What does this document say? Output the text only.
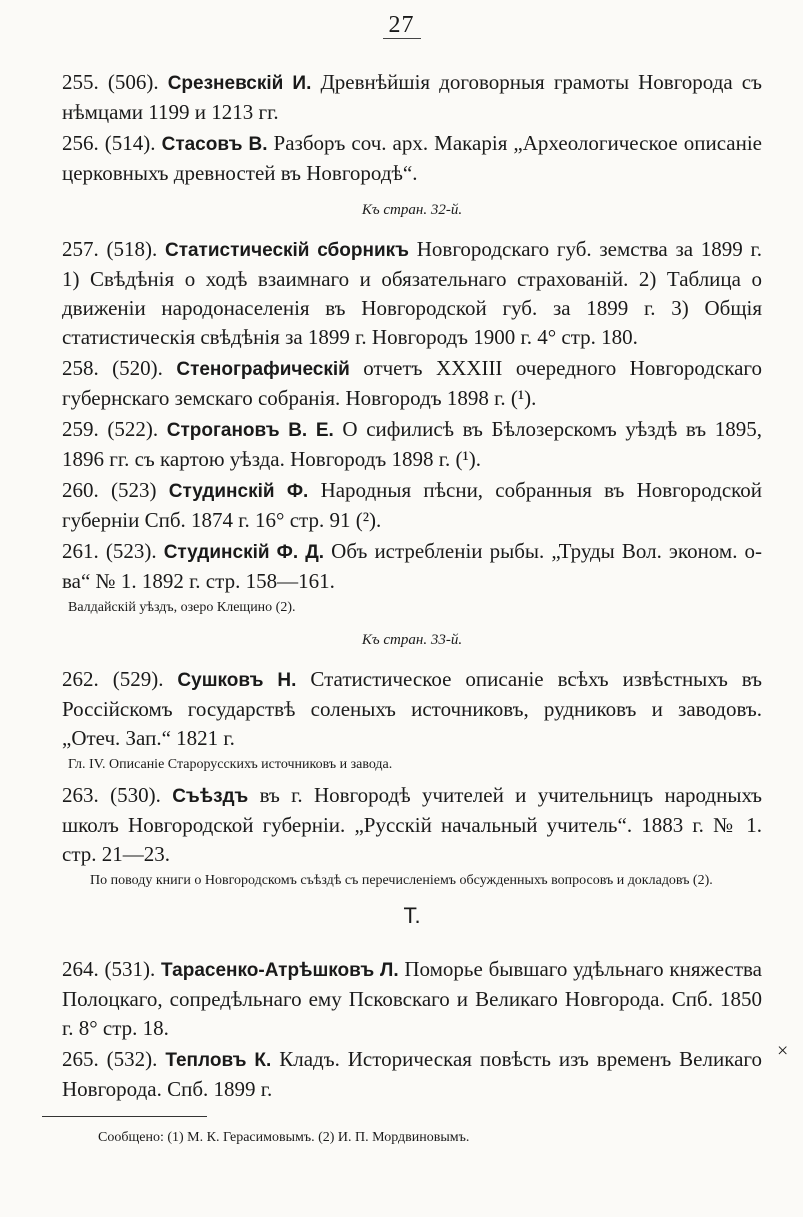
27

255. (506). Срезневскiй И. Древнѣйшiя договорныя грамоты Новгорода съ нѣмцами 1199 и 1213 гг.

256. (514). Стасовъ В. Разборъ соч. арх. Макарiя „Археологическое описанiе церковныхъ древностей въ Новгородѣ“.

Къ стран. 32-й.

257. (518). Статистическiй сборникъ Новгородскаго губ. земства за 1899 г. 1) Свѣдѣнiя о ходѣ взаимнаго и обязательнаго страхованiй. 2) Таблица о движенiи народонаселенiя въ Новгородской губ. за 1899 г. 3) Общiя статистическiя свѣдѣнiя за 1899 г. Новгородъ 1900 г. 4° стр. 180.

258. (520). Стенографическiй отчетъ XXXIII очередного Новгородскаго губернскаго земскаго собранiя. Новгородъ 1898 г. (¹).

259. (522). Строгановъ В. Е. О сифилисѣ въ Бѣлозерскомъ уѣздѣ въ 1895, 1896 гг. съ картою уѣзда. Новгородъ 1898 г. (¹).

260. (523) Студинскiй Ф. Народныя пѣсни, собранныя въ Новгородской губернiи Спб. 1874 г. 16° стр. 91 (²).

261. (523). Студинскiй Ф. Д. Объ истребленiи рыбы. „Труды Вол. эконом. о-ва“ № 1. 1892 г. стр. 158—161.

Валдайскiй уѣздъ, озеро Клещино (2).
Къ стран. 33-й.

262. (529). Сушковъ Н. Статистическое описанiе всѣхъ извѣстныхъ въ Россiйскомъ государствѣ соленыхъ источниковъ, рудниковъ и заводовъ. „Отеч. Зап.“ 1821 г.

Гл. IV. Описанiе Старорусскихъ источниковъ и завода.

263. (530). Съѣздъ въ г. Новгородѣ учителей и учительницъ народныхъ школъ Новгородской губернiи. „Русскiй начальный учитель“. 1883 г. № 1. стр. 21—23.

По поводу книги о Новгородскомъ съѣздѣ съ перечисленiемъ обсужденныхъ вопросовъ и докладовъ (2).
Т.

264. (531). Тарасенко-Атрѣшковъ Л. Поморье бывшаго удѣльнаго княжества Полоцкаго, сопредѣльнаго ему Псковскаго и Великаго Новгорода. Спб. 1850 г. 8° стр. 18.

265. (532). Тепловъ К. Кладъ. Историческая повѣсть изъ временъ Великаго Новгорода. Спб. 1899 г.

×
Сообщено: (1) М. К. Герасимовымъ. (2) И. П. Мордвиновымъ.
